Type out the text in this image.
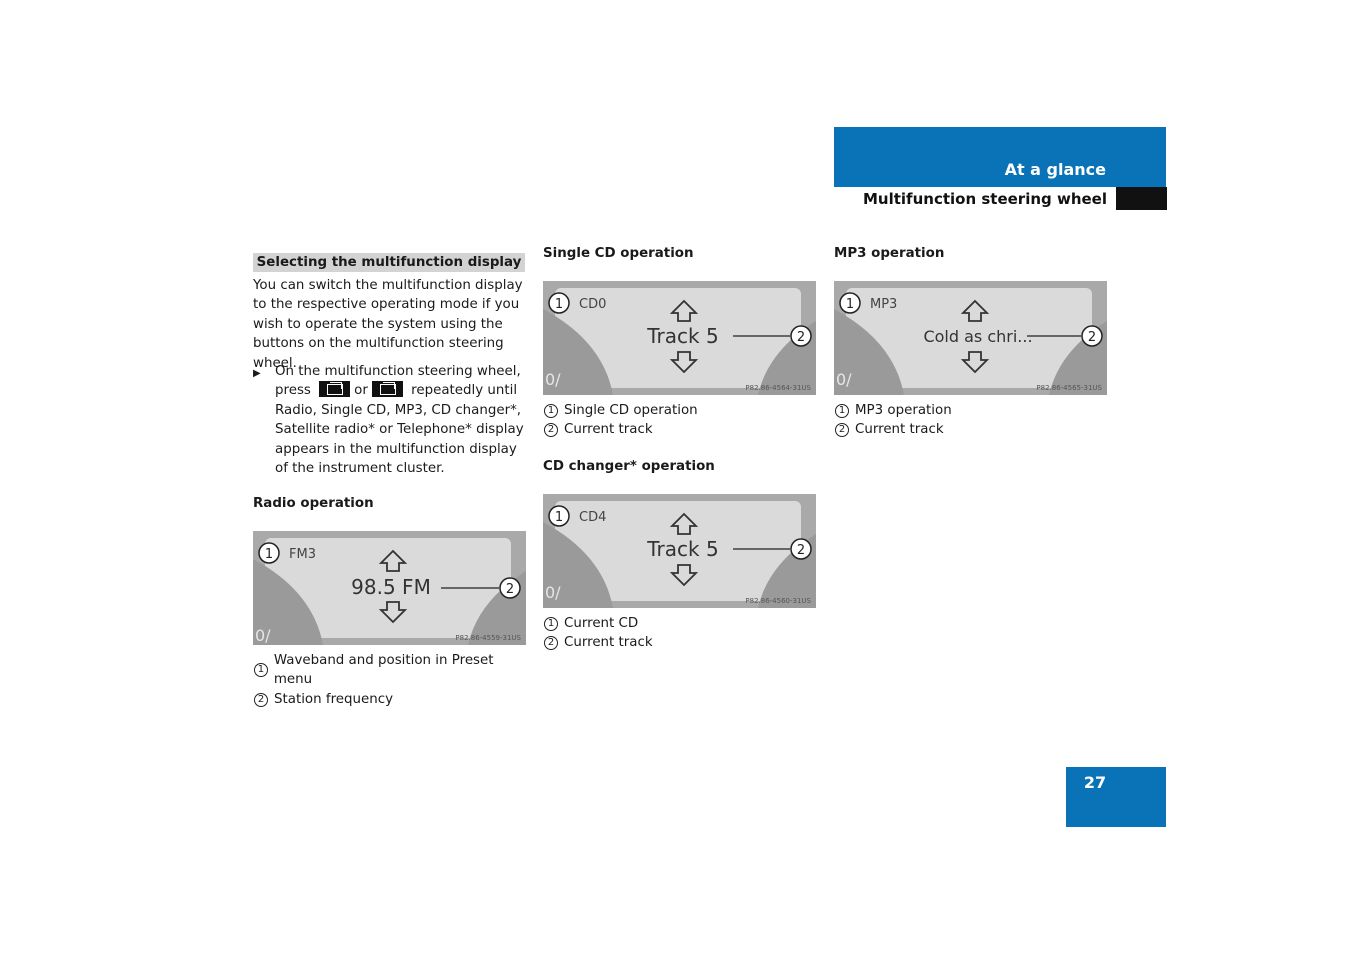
At a glance
Multifunction steering wheel
Selecting the multifunction display
You can switch the multifunction display to the respective operating mode if you wish to operate the system using the buttons on the multifunction steering wheel.
▶ On the multifunction steering wheel, press	or	repeatedly until Radio, Single CD, MP3, CD changer*, Satellite radio* or Telephone* display appears in the multifunction display of the instrument cluster.
Radio operation
0/
1 FM3
98.5 FM	2
P82.86-4559-31US
1
Waveband and position in Preset menu
2 Station frequency
Single CD operation
0/
1 CD0
Track 5	2
P82.86-4564-31US
1 Single CD operation
2 Current track
CD changer* operation
0/
1 CD4
Track 5	2
P82.86-4560-31US
1 Current CD
2 Current track
MP3 operation
0/
1 MP3
Cold as chri...	2
P82.86-4565-31US
1 MP3 operation
2 Current track
27
